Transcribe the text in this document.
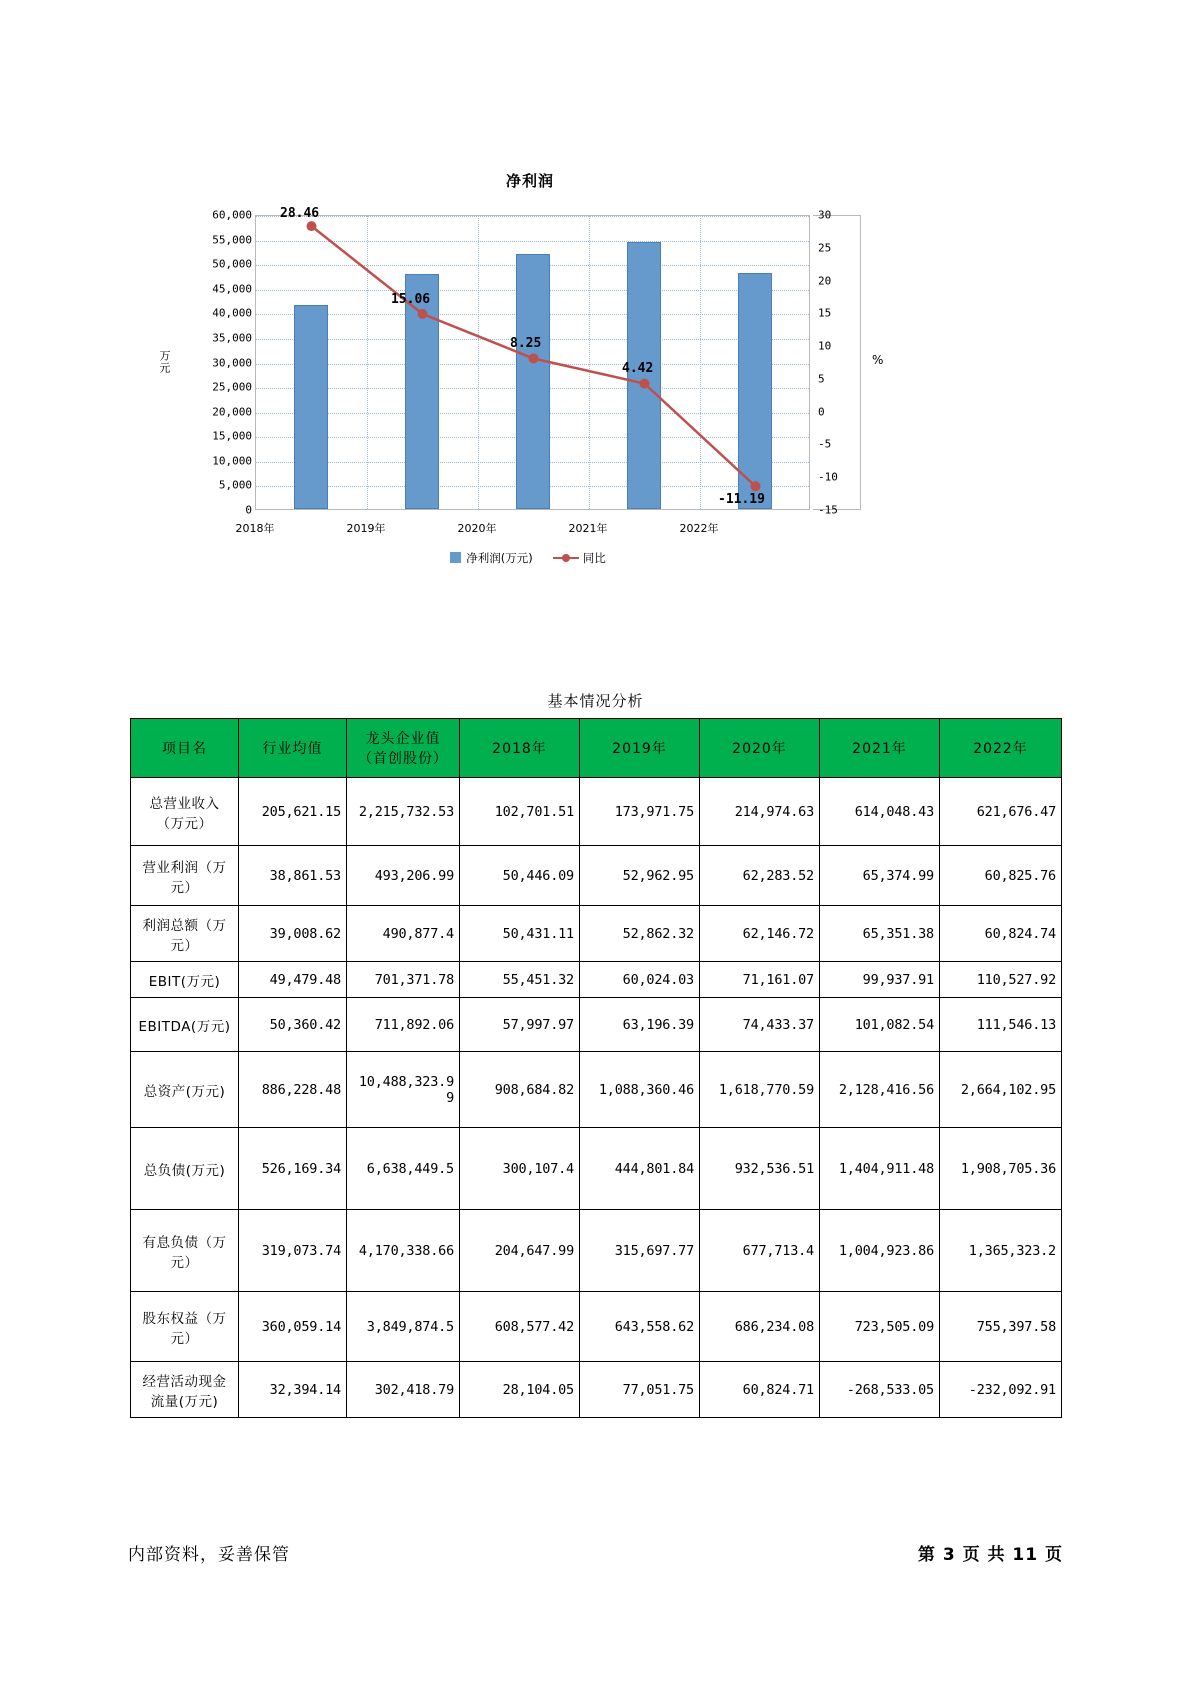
净利润
万元	%
60,000
55,000
50,000
45,000
40,000
35,000
30,000
25,000
20,000
15,000
10,000
5,000
0
28.46
15.06
8.25
4.42
-11.19
30
25
20
15
10
5
0
-5
-10
-15
2018年	2019年	2020年	2021年	2022年
净利润(万元)	同比
基本情况分析
项目名	行业均值	龙头企业值（首创股份）	2018年	2019年	2020年	2021年	2022年
总营业收入（万元）	205,621.15	2,215,732.53	102,701.51	173,971.75	214,974.63	614,048.43	621,676.47
营业利润（万元）	38,861.53	493,206.99	50,446.09	52,962.95	62,283.52	65,374.99	60,825.76
利润总额（万元）	39,008.62	490,877.4	50,431.11	52,862.32	62,146.72	65,351.38	60,824.74
EBIT(万元)	49,479.48	701,371.78	55,451.32	60,024.03	71,161.07	99,937.91	110,527.92
EBITDA(万元)	50,360.42	711,892.06	57,997.97	63,196.39	74,433.37	101,082.54	111,546.13
总资产(万元)	886,228.48	10,488,323.99	908,684.82	1,088,360.46	1,618,770.59	2,128,416.56	2,664,102.95
总负债(万元)	526,169.34	6,638,449.5	300,107.4	444,801.84	932,536.51	1,404,911.48	1,908,705.36
有息负债（万元）	319,073.74	4,170,338.66	204,647.99	315,697.77	677,713.4	1,004,923.86	1,365,323.2
股东权益（万元）	360,059.14	3,849,874.5	608,577.42	643,558.62	686,234.08	723,505.09	755,397.58
经营活动现金流量(万元)	32,394.14	302,418.79	28,104.05	77,051.75	60,824.71	-268,533.05	-232,092.91
内部资料，妥善保管	第 3 页 共 11 页
